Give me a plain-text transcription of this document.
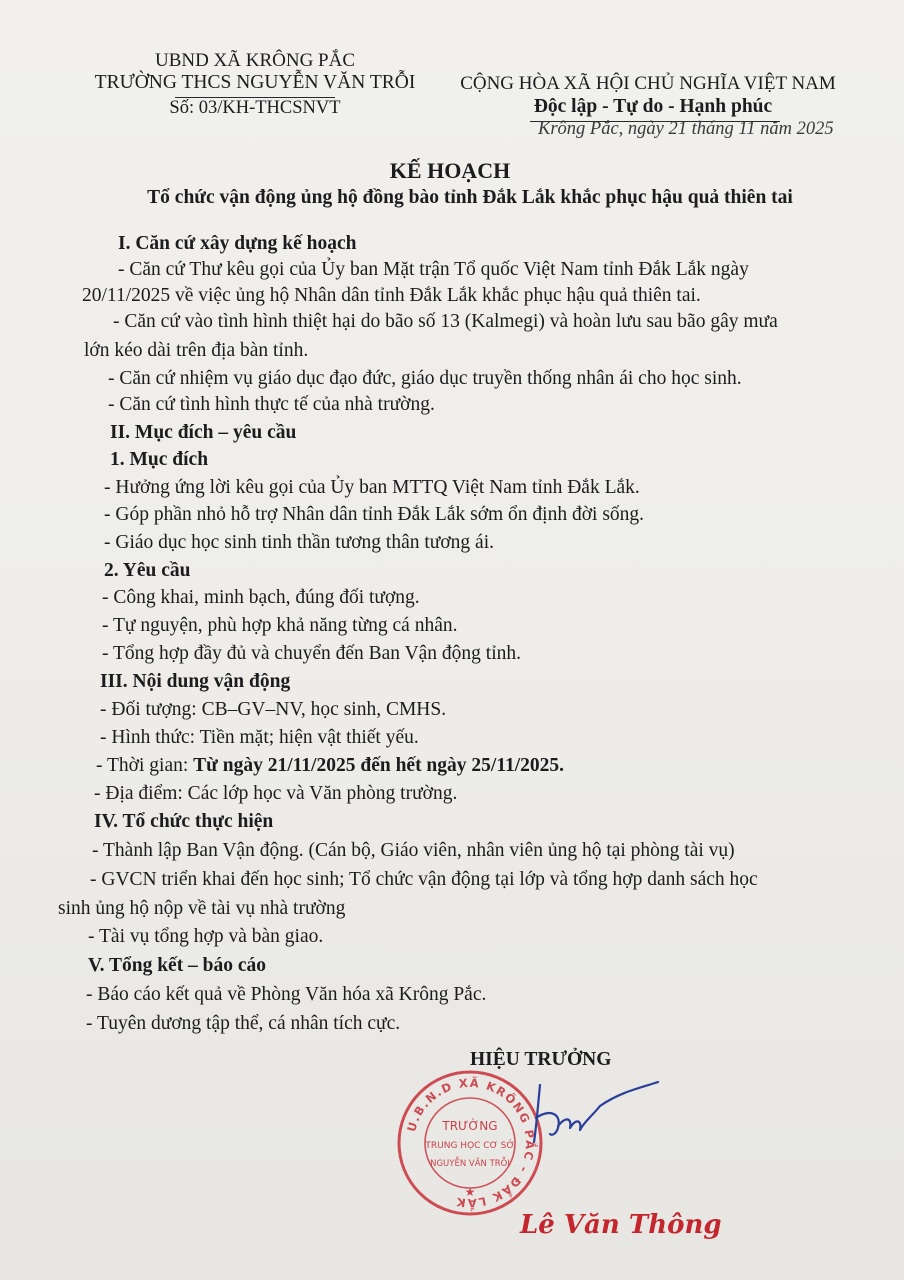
UBND XÃ KRÔNG PẮC
TRƯỜNG THCS NGUYỄN VĂN TRỖI
Số: 03/KH-THCSNVT
CỘNG HÒA XÃ HỘI CHỦ NGHĨA VIỆT NAM
Độc lập - Tự do - Hạnh phúc
Krông Pắc, ngày 21 tháng 11 năm 2025
KẾ HOẠCH
Tổ chức vận động ủng hộ đồng bào tỉnh Đắk Lắk khắc phục hậu quả thiên tai
I. Căn cứ xây dựng kế hoạch
- Căn cứ Thư kêu gọi của Ủy ban Mặt trận Tổ quốc Việt Nam tỉnh Đắk Lắk ngày
20/11/2025 về việc ủng hộ Nhân dân tỉnh Đắk Lắk khắc phục hậu quả thiên tai.
- Căn cứ vào tình hình thiệt hại do bão số 13 (Kalmegi) và hoàn lưu sau bão gây mưa
lớn kéo dài trên địa bàn tỉnh.
- Căn cứ nhiệm vụ giáo dục đạo đức, giáo dục truyền thống nhân ái cho học sinh.
- Căn cứ tình hình thực tế của nhà trường.
II. Mục đích – yêu cầu
1. Mục đích
- Hưởng ứng lời kêu gọi của Ủy ban MTTQ Việt Nam tỉnh Đắk Lắk.
- Góp phần nhỏ hỗ trợ Nhân dân tỉnh Đắk Lắk sớm ổn định đời sống.
- Giáo dục học sinh tinh thần tương thân tương ái.
2. Yêu cầu
- Công khai, minh bạch, đúng đối tượng.
- Tự nguyện, phù hợp khả năng từng cá nhân.
- Tổng hợp đầy đủ và chuyển đến Ban Vận động tỉnh.
III. Nội dung vận động
- Đối tượng: CB–GV–NV, học sinh, CMHS.
- Hình thức: Tiền mặt; hiện vật thiết yếu.
- Thời gian: Từ ngày 21/11/2025 đến hết ngày 25/11/2025.
- Địa điểm: Các lớp học và Văn phòng trường.
IV. Tổ chức thực hiện
- Thành lập Ban Vận động. (Cán bộ, Giáo viên, nhân viên ủng hộ tại phòng tài vụ)
- GVCN triển khai đến học sinh; Tổ chức vận động tại lớp và tổng hợp danh sách học
sinh ủng hộ nộp về tài vụ nhà trường
- Tài vụ tổng hợp và bàn giao.
V. Tổng kết – báo cáo
- Báo cáo kết quả về Phòng Văn hóa xã Krông Pắc.
- Tuyên dương tập thể, cá nhân tích cực.
HIỆU TRƯỞNG
U.B.N.D XÃ KRÔNG PẮC - ĐẮK LẮK
TRƯỜNG
TRUNG HỌC CƠ SỞ
NGUYỄN VĂN TRỖI
★
Lê Văn Thông
